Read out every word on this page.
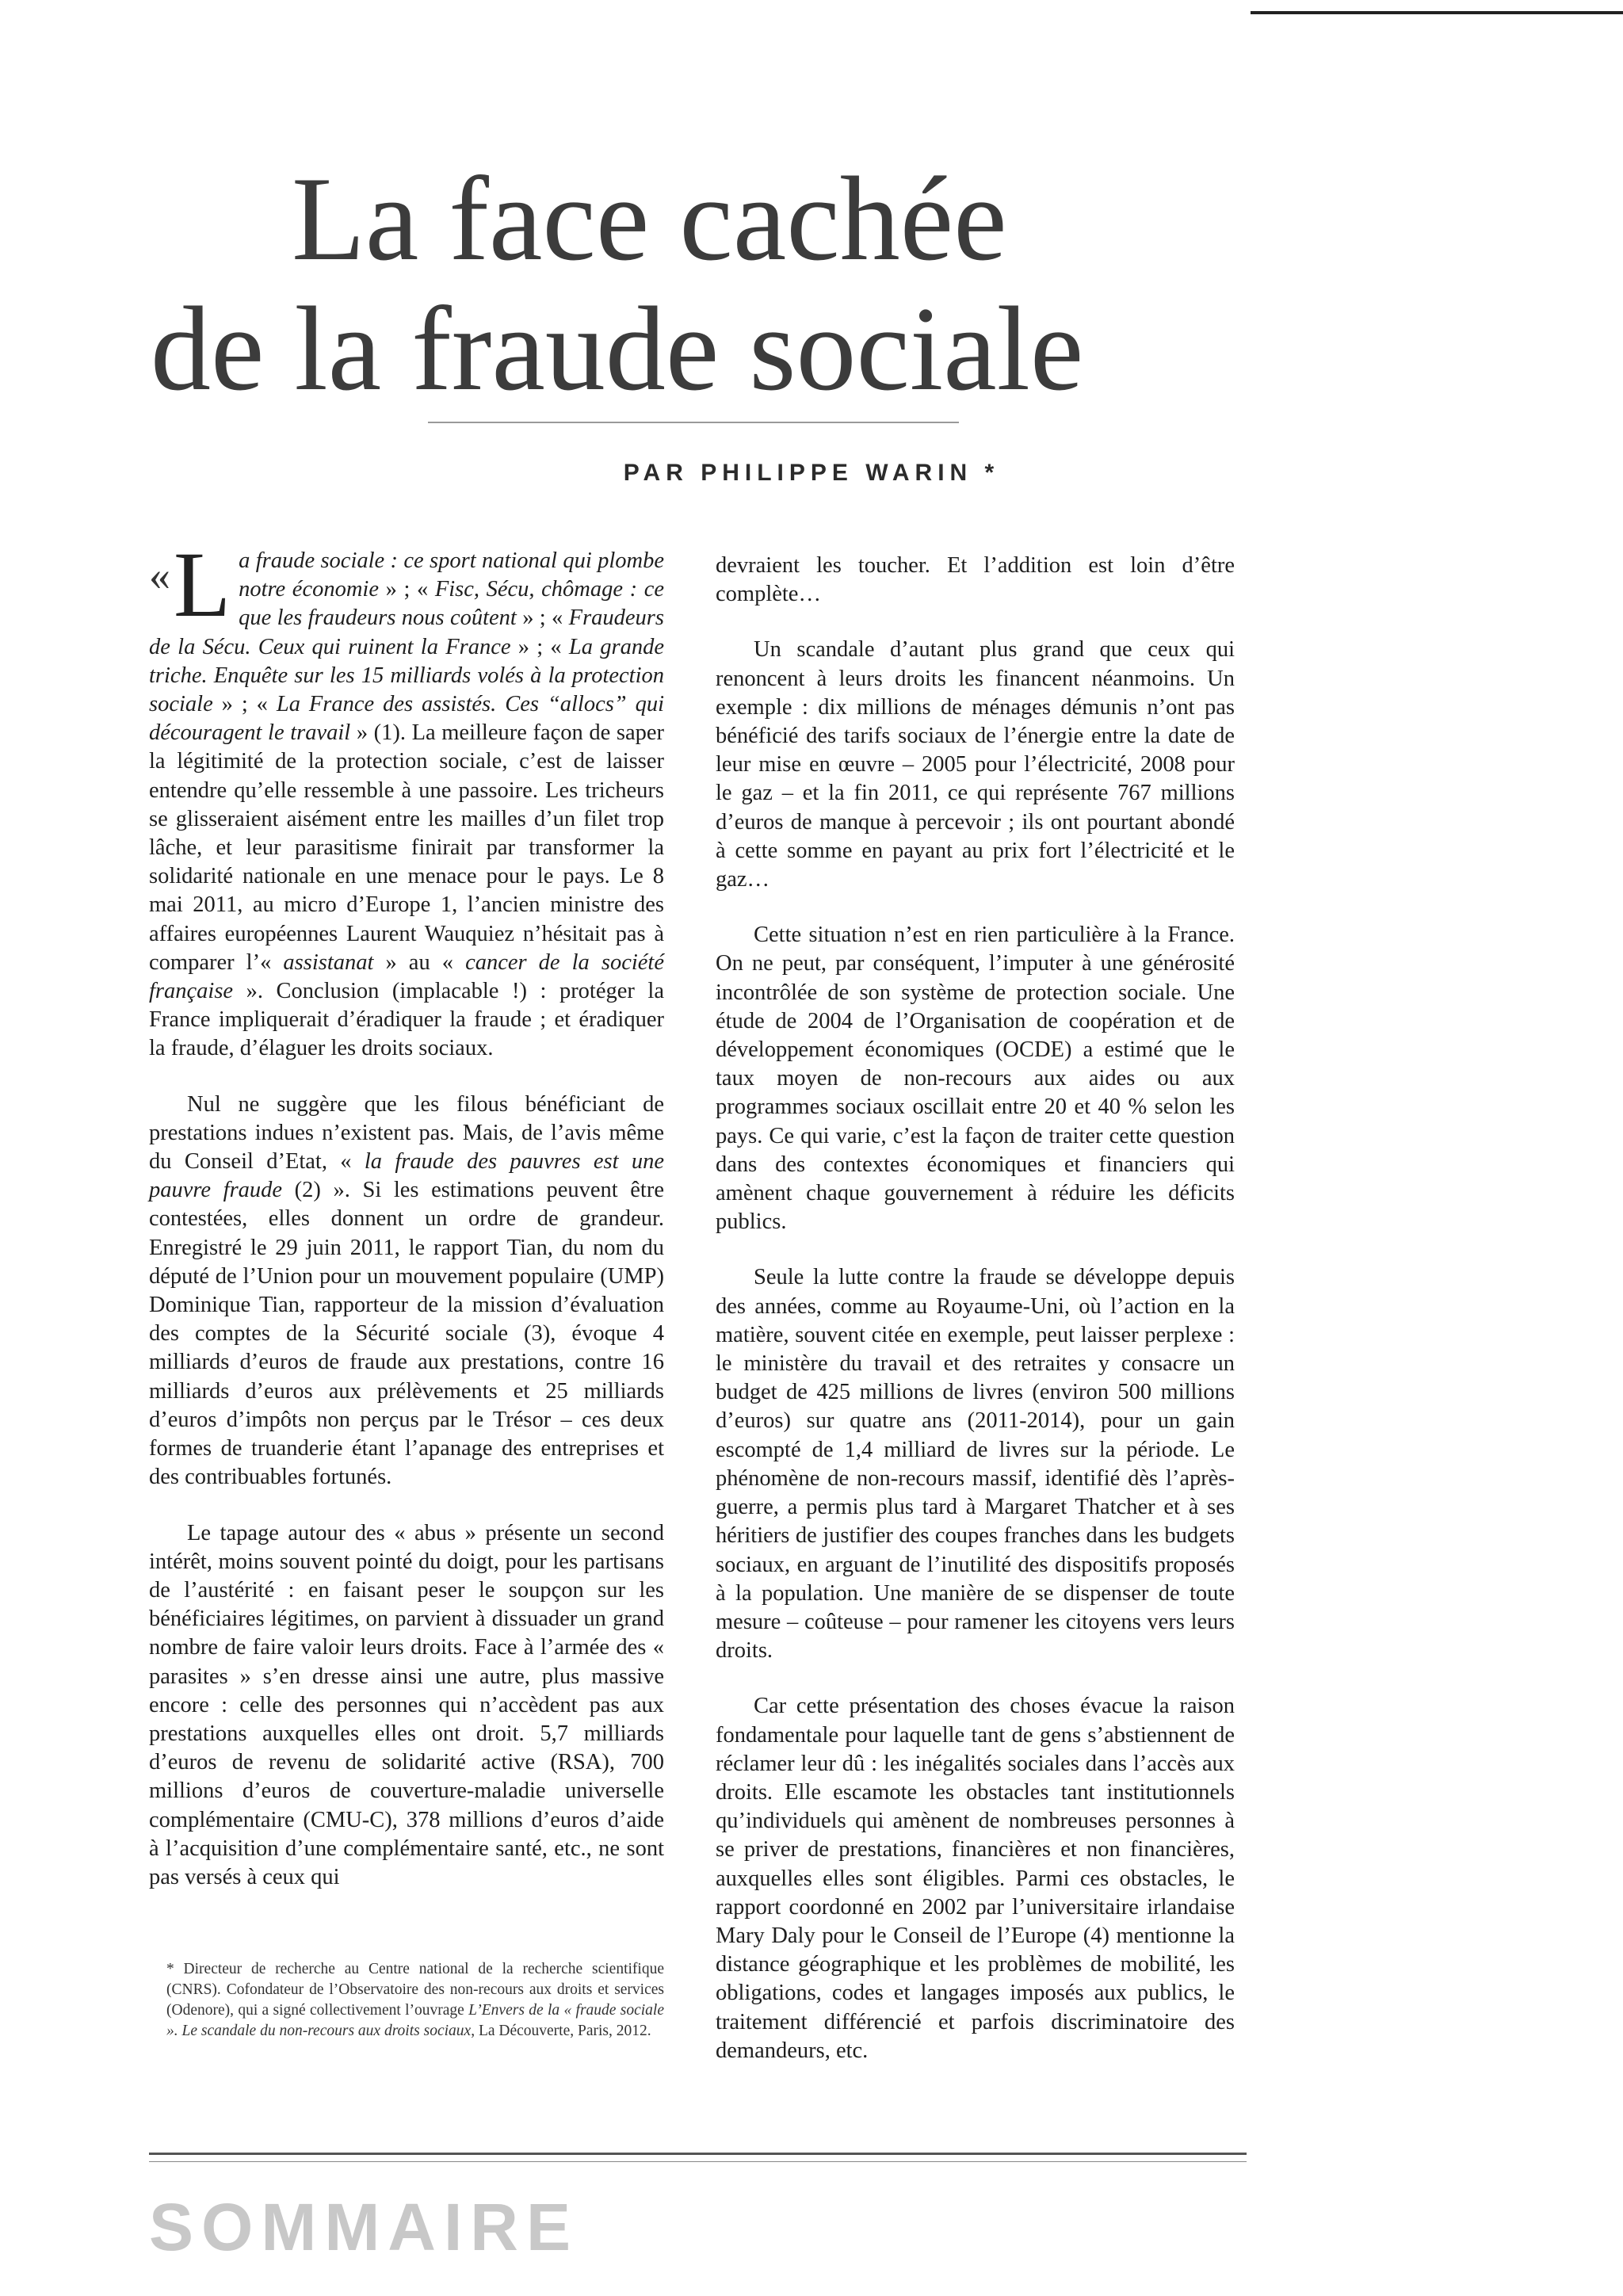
La face cachée
de la fraude sociale
PAR PHILIPPE WARIN *

« L a fraude sociale : ce sport national qui plombe notre économie » ; « Fisc, Sécu, chômage : ce que les fraudeurs nous coûtent » ; « Fraudeurs de la Sécu. Ceux qui ruinent la France » ; « La grande triche. Enquête sur les 15 milliards volés à la protection sociale » ; « La France des assistés. Ces “allocs” qui découragent le travail » (1). La meilleure façon de saper la légitimité de la protection sociale, c’est de laisser entendre qu’elle ressemble à une passoire. Les tricheurs se glisseraient aisément entre les mailles d’un filet trop lâche, et leur parasitisme finirait par transformer la solidarité nationale en une menace pour le pays. Le 8 mai 2011, au micro d’Europe 1, l’ancien ministre des affaires européennes Laurent Wauquiez n’hésitait pas à comparer l’« assistanat » au « cancer de la société française ». Conclusion (implacable !) : protéger la France impliquerait d’éradiquer la fraude ; et éradiquer la fraude, d’élaguer les droits sociaux.

Nul ne suggère que les filous bénéficiant de prestations indues n’existent pas. Mais, de l’avis même du Conseil d’Etat, « la fraude des pauvres est une pauvre fraude (2) ». Si les estimations peuvent être contestées, elles donnent un ordre de grandeur. Enregistré le 29 juin 2011, le rapport Tian, du nom du député de l’Union pour un mouvement populaire (UMP) Dominique Tian, rapporteur de la mission d’évaluation des comptes de la Sécurité sociale (3), évoque 4 milliards d’euros de fraude aux prestations, contre 16 milliards d’euros aux prélèvements et 25 milliards d’euros d’impôts non perçus par le Trésor – ces deux formes de truanderie étant l’apanage des entreprises et des contribuables fortunés.

Le tapage autour des « abus » présente un second intérêt, moins souvent pointé du doigt, pour les partisans de l’austérité : en faisant peser le soupçon sur les bénéficiaires légitimes, on parvient à dissuader un grand nombre de faire valoir leurs droits. Face à l’armée des « parasites » s’en dresse ainsi une autre, plus massive encore : celle des personnes qui n’accèdent pas aux prestations auxquelles elles ont droit. 5,7 milliards d’euros de revenu de solidarité active (RSA), 700 millions d’euros de couverture-maladie universelle complémentaire (CMU-C), 378 millions d’euros d’aide à l’acquisition d’une complémentaire santé, etc., ne sont pas versés à ceux qui

devraient les toucher. Et l’addition est loin d’être complète…

Un scandale d’autant plus grand que ceux qui renoncent à leurs droits les financent néanmoins. Un exemple : dix millions de ménages démunis n’ont pas bénéficié des tarifs sociaux de l’énergie entre la date de leur mise en œuvre – 2005 pour l’électricité, 2008 pour le gaz – et la fin 2011, ce qui représente 767 millions d’euros de manque à percevoir ; ils ont pourtant abondé à cette somme en payant au prix fort l’électricité et le gaz…

Cette situation n’est en rien particulière à la France. On ne peut, par conséquent, l’imputer à une générosité incontrôlée de son système de protection sociale. Une étude de 2004 de l’Organisation de coopération et de développement économiques (OCDE) a estimé que le taux moyen de non-recours aux aides ou aux programmes sociaux oscillait entre 20 et 40 % selon les pays. Ce qui varie, c’est la façon de traiter cette question dans des contextes économiques et financiers qui amènent chaque gouvernement à réduire les déficits publics.

Seule la lutte contre la fraude se développe depuis des années, comme au Royaume-Uni, où l’action en la matière, souvent citée en exemple, peut laisser perplexe : le ministère du travail et des retraites y consacre un budget de 425 millions de livres (environ 500 millions d’euros) sur quatre ans (2011-2014), pour un gain escompté de 1,4 milliard de livres sur la période. Le phénomène de non-recours massif, identifié dès l’après-guerre, a permis plus tard à Margaret Thatcher et à ses héritiers de justifier des coupes franches dans les budgets sociaux, en arguant de l’inutilité des dispositifs proposés à la population. Une manière de se dispenser de toute mesure – coûteuse – pour ramener les citoyens vers leurs droits.

Car cette présentation des choses évacue la raison fondamentale pour laquelle tant de gens s’abstiennent de réclamer leur dû : les inégalités sociales dans l’accès aux droits. Elle escamote les obstacles tant institutionnels qu’individuels qui amènent de nombreuses personnes à se priver de prestations, financières et non financières, auxquelles elles sont éligibles. Parmi ces obstacles, le rapport coordonné en 2002 par l’universitaire irlandaise Mary Daly pour le Conseil de l’Europe (4) mentionne la distance géographique et les problèmes de mobilité, les obligations, codes et langages imposés aux publics, le traitement différencié et parfois discriminatoire des demandeurs, etc.

* Directeur de recherche au Centre national de la recherche scientifique (CNRS). Cofondateur de l’Observatoire des non-recours aux droits et services (Odenore), qui a signé collectivement l’ouvrage L’Envers de la « fraude sociale ». Le scandale du non-recours aux droits sociaux, La Découverte, Paris, 2012.

SOMMAIRE
